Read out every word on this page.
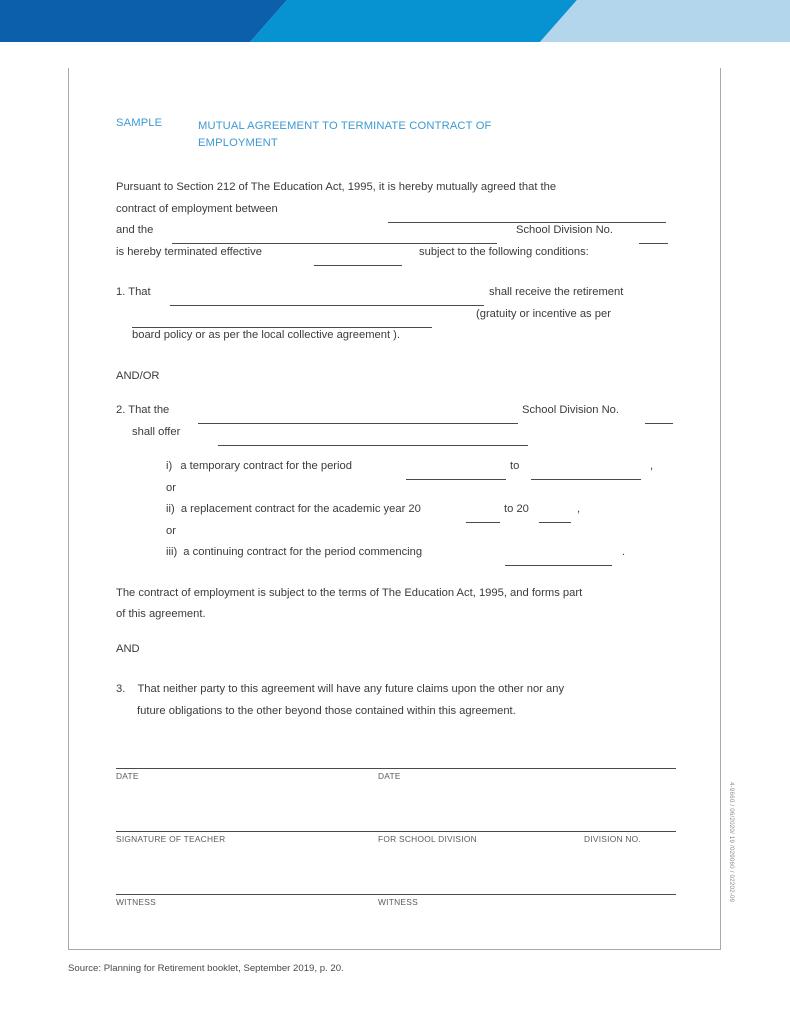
SAMPLE	MUTUAL AGREEMENT TO TERMINATE CONTRACT OF EMPLOYMENT
Pursuant to Section 212 of The Education Act, 1995, it is hereby mutually agreed that the
contract of employment between
and the	School Division No.
is hereby terminated effective	subject to the following conditions:
1. That	shall receive the retirement
(gratuity or incentive as per
board policy or as per the local collective agreement ).
AND/OR
2. That the	School Division No.
shall offer
i) a temporary contract for the period	to	,
or
ii) a replacement contract for the academic year 20	to 20	,
or
iii) a continuing contract for the period commencing	.
The contract of employment is subject to the terms of The Education Act, 1995, and forms part
of this agreement.
AND
3. That neither party to this agreement will have any future claims upon the other nor any
future obligations to the other beyond those contained within this agreement.
DATE	DATE
SIGNATURE OF TEACHER	FOR SCHOOL DIVISION	DIVISION NO.
WITNESS	WITNESS	4-9660 / 06/2020/ 19 /029060 / 02202-09
Source: Planning for Retirement booklet, September 2019, p. 20.
